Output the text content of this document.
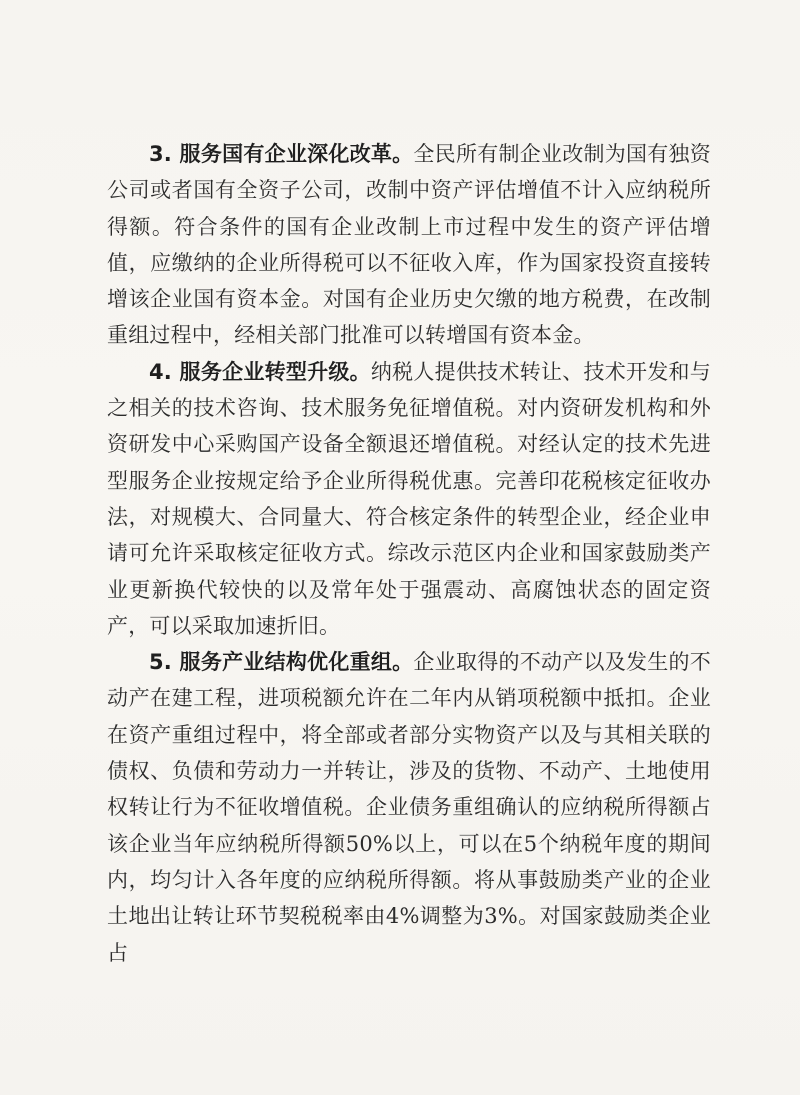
3. 服务国有企业深化改革。全民所有制企业改制为国有独资公司或者国有全资子公司，改制中资产评估增值不计入应纳税所得额。符合条件的国有企业改制上市过程中发生的资产评估增值，应缴纳的企业所得税可以不征收入库，作为国家投资直接转增该企业国有资本金。对国有企业历史欠缴的地方税费，在改制重组过程中，经相关部门批准可以转增国有资本金。

4. 服务企业转型升级。纳税人提供技术转让、技术开发和与之相关的技术咨询、技术服务免征增值税。对内资研发机构和外资研发中心采购国产设备全额退还增值税。对经认定的技术先进型服务企业按规定给予企业所得税优惠。完善印花税核定征收办法，对规模大、合同量大、符合核定条件的转型企业，经企业申请可允许采取核定征收方式。综改示范区内企业和国家鼓励类产业更新换代较快的以及常年处于强震动、高腐蚀状态的固定资产，可以采取加速折旧。

5. 服务产业结构优化重组。企业取得的不动产以及发生的不动产在建工程，进项税额允许在二年内从销项税额中抵扣。企业在资产重组过程中，将全部或者部分实物资产以及与其相关联的债权、负债和劳动力一并转让，涉及的货物、不动产、土地使用权转让行为不征收增值税。企业债务重组确认的应纳税所得额占该企业当年应纳税所得额50%以上，可以在5个纳税年度的期间内，均匀计入各年度的应纳税所得额。将从事鼓励类产业的企业土地出让转让环节契税税率由4%调整为3%。对国家鼓励类企业占
